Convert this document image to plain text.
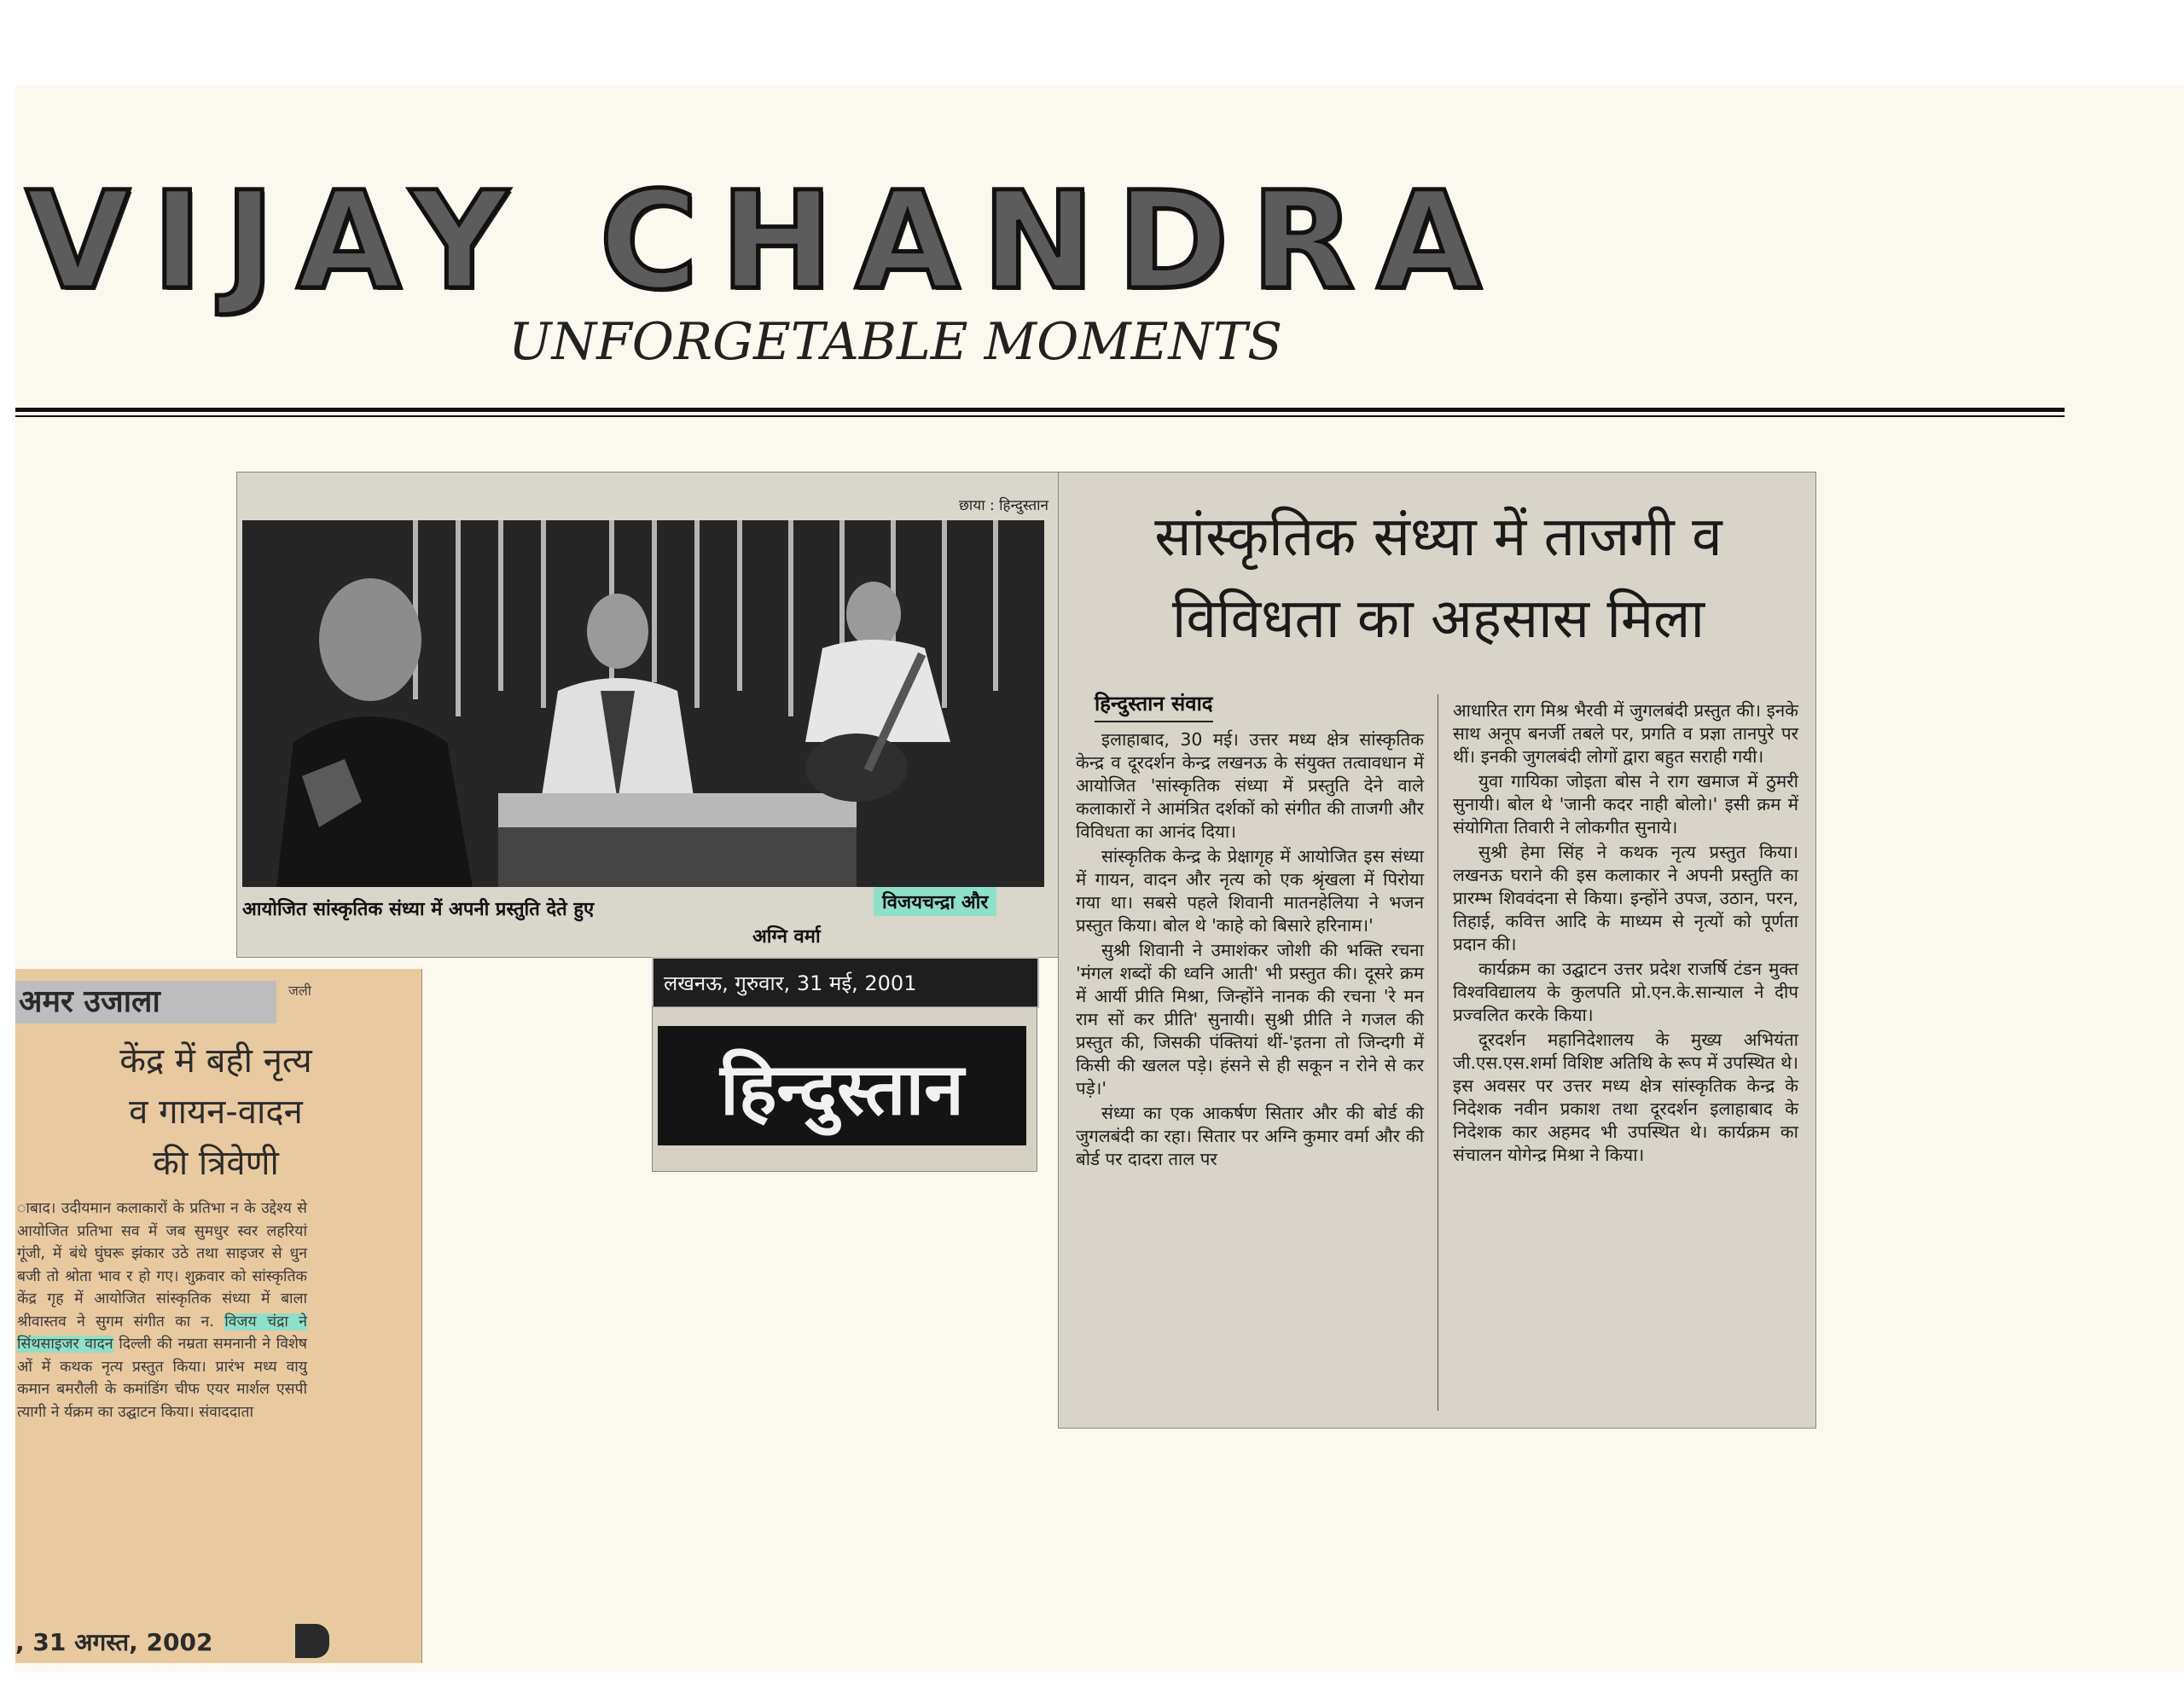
VIJAY CHANDRA
UNFORGETABLE MOMENTS
छाया : हिन्दुस्तान
आयोजित सांस्कृतिक संध्या में अपनी प्रस्तुति देते हुए	विजयचन्द्रा और
अग्नि वर्मा
सांस्कृतिक संध्या में ताजगी व
विविधता का अहसास मिला
हिन्दुस्तान संवाद

इलाहाबाद, 30 मई। उत्तर मध्य क्षेत्र सांस्कृतिक केन्द्र व दूरदर्शन केन्द्र लखनऊ के संयुक्त तत्वावधान में आयोजित 'सांस्कृतिक संध्या में प्रस्तुति देने वाले कलाकारों ने आमंत्रित दर्शकों को संगीत की ताजगी और विविधता का आनंद दिया।

सांस्कृतिक केन्द्र के प्रेक्षागृह में आयोजित इस संध्या में गायन, वादन और नृत्य को एक श्रृंखला में पिरोया गया था। सबसे पहले शिवानी मातनहेलिया ने भजन प्रस्तुत किया। बोल थे 'काहे को बिसारे हरिनाम।'

सुश्री शिवानी ने उमाशंकर जोशी की भक्ति रचना 'मंगल शब्दों की ध्वनि आती' भी प्रस्तुत की। दूसरे क्रम में आर्यी प्रीति मिश्रा, जिन्होंने नानक की रचना 'रे मन राम सों कर प्रीति' सुनायी। सुश्री प्रीति ने गजल की प्रस्तुत की, जिसकी पंक्तियां थीं-'इतना तो जिन्दगी में किसी की खलल पड़े। हंसने से ही सकून न रोने से कर पड़े।'

संध्या का एक आकर्षण सितार और की बोर्ड की जुगलबंदी का रहा। सितार पर अग्नि कुमार वर्मा और की बोर्ड पर दादरा ताल पर

आधारित राग मिश्र भैरवी में जुगलबंदी प्रस्तुत की। इनके साथ अनूप बनर्जी तबले पर, प्रगति व प्रज्ञा तानपुरे पर थीं। इनकी जुगलबंदी लोगों द्वारा बहुत सराही गयी।

युवा गायिका जोइता बोस ने राग खमाज में ठुमरी सुनायी। बोल थे 'जानी कदर नाही बोलो।' इसी क्रम में संयोगिता तिवारी ने लोकगीत सुनाये।

सुश्री हेमा सिंह ने कथक नृत्य प्रस्तुत किया। लखनऊ घराने की इस कलाकार ने अपनी प्रस्तुति का प्रारम्भ शिववंदना से किया। इन्होंने उपज, उठान, परन, तिहाई, कवित्त आदि के माध्यम से नृत्यों को पूर्णता प्रदान की।

कार्यक्रम का उद्घाटन उत्तर प्रदेश राजर्षि टंडन मुक्त विश्वविद्यालय के कुलपति प्रो.एन.के.सान्याल ने दीप प्रज्वलित करके किया।

दूरदर्शन महानिदेशालय के मुख्य अभियंता जी.एस.एस.शर्मा विशिष्ट अतिथि के रूप में उपस्थित थे। इस अवसर पर उत्तर मध्य क्षेत्र सांस्कृतिक केन्द्र के निदेशक नवीन प्रकाश तथा दूरदर्शन इलाहाबाद के निदेशक कार अहमद भी उपस्थित थे। कार्यक्रम का संचालन योगेन्द्र मिश्रा ने किया।

लखनऊ, गुरुवार, 31 मई, 2001
हिन्दुस्तान
अमर उजाला	जली
केंद्र में बही नृत्य
व गायन-वादन
की त्रिवेणी
ाबाद। उदीयमान कलाकारों के प्रतिभा न के उद्देश्य से आयोजित प्रतिभा सव में जब सुमधुर स्वर लहरियां गूंजी, में बंधे घुंघरू झंकार उठे तथा साइजर से धुन बजी तो श्रोता भाव र हो गए। शुक्रवार को सांस्कृतिक केंद्र गृह में आयोजित सांस्कृतिक संध्या में बाला श्रीवास्तव ने सुगम संगीत का न. विजय चंद्रा ने सिंथसाइजर वादन दिल्ली की नम्रता समनानी ने विशेष ओं में कथक नृत्य प्रस्तुत किया। प्रारंभ मध्य वायु कमान बमरौली के कमांडिंग चीफ एयर मार्शल एसपी त्यागी ने र्यक्रम का उद्घाटन किया। संवाददाता
, 31 अगस्त, 2002
